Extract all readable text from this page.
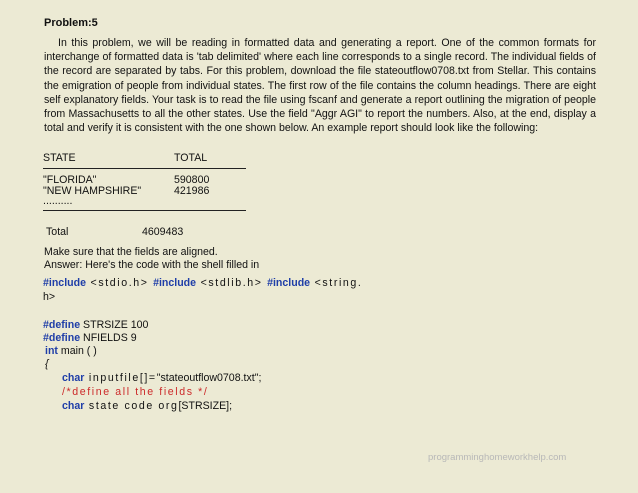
Problem:5
In this problem, we will be reading in formatted data and generating a report. One of the common formats for interchange of formatted data is 'tab delimited' where each line corresponds to a single record. The individual fields of the record are separated by tabs. For this problem, download the file stateoutflow0708.txt from Stellar. This contains the emigration of people from individual states. The first row of the file contains the column headings. There are eight self explanatory fields. Your task is to read the file using fscanf and generate a report outlining the migration of people from Massachusetts to all the other states. Use the field "Aggr AGI" to report the numbers. Also, at the end, display a total and verify it is consistent with the one shown below. An example report should look like the following:
STATE	TOTAL
"FLORIDA"	590800
"NEW HAMPSHIRE"	421986
..........
Total	4609483
Make sure that the fields are aligned.
Answer: Here's the code with the shell filled in
#include <stdio.h> #include <stdlib.h> #include <string.
h>
#define STRSIZE 100
#define NFIELDS 9
int main ( )
{
char inputfile[]="stateoutflow0708.txt";
/*define all the fields */
char state code org[STRSIZE];
programminghomeworkhelp.com
